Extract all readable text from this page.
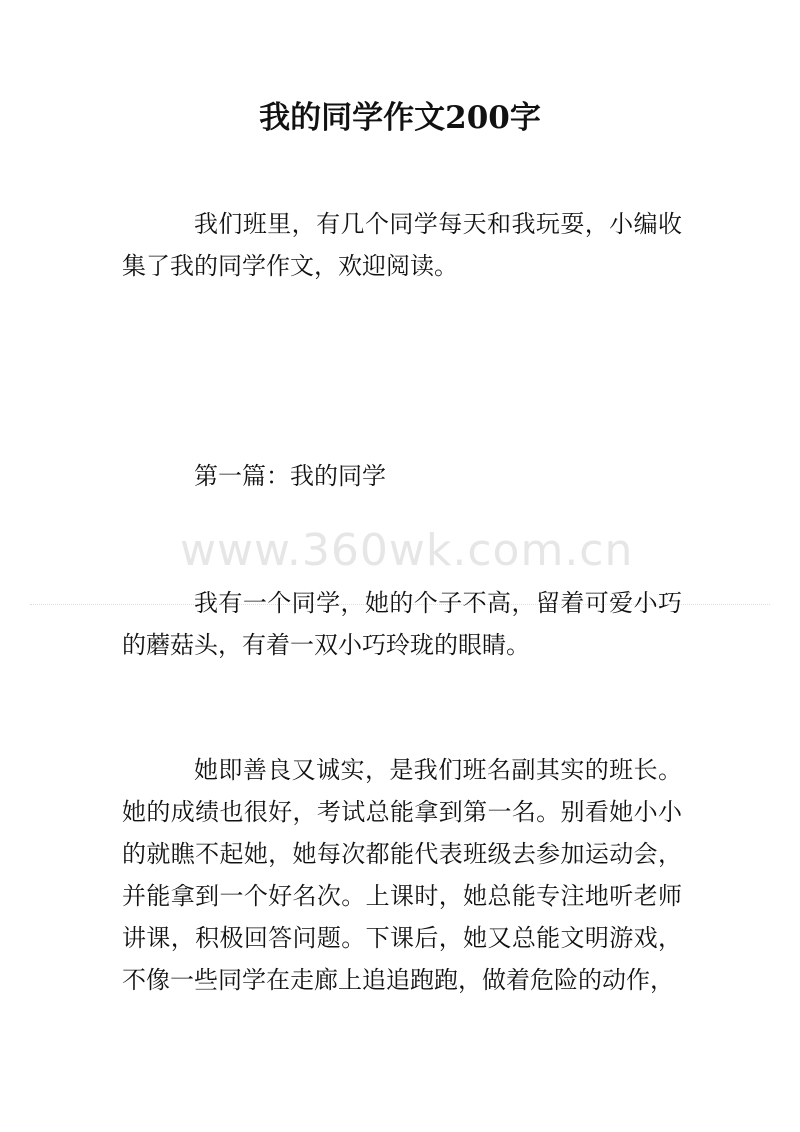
我的同学作文200字

我们班里，有几个同学每天和我玩耍，小编收集了我的同学作文，欢迎阅读。

第一篇：我的同学

www.360wk.com.cn

我有一个同学，她的个子不高，留着可爱小巧的蘑菇头，有着一双小巧玲珑的眼睛。

她即善良又诚实，是我们班名副其实的班长。她的成绩也很好，考试总能拿到第一名。别看她小小的就瞧不起她，她每次都能代表班级去参加运动会，并能拿到一个好名次。上课时，她总能专注地听老师讲课，积极回答问题。下课后，她又总能文明游戏，不像一些同学在走廊上追追跑跑，做着危险的动作，
